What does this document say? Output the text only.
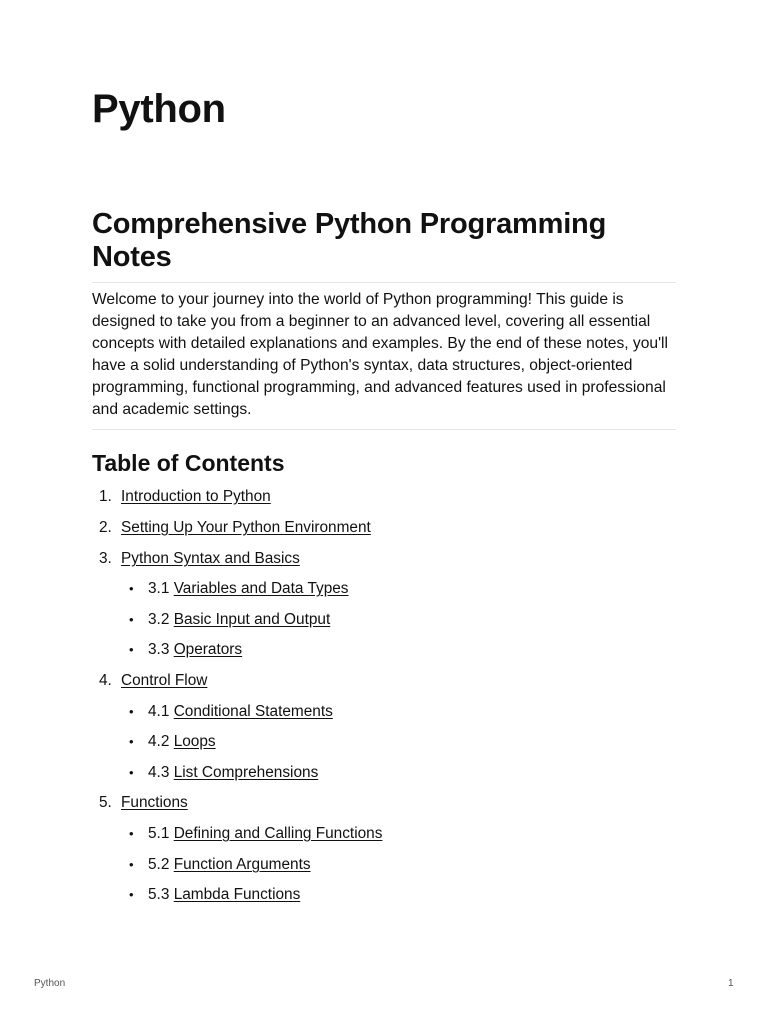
Python
Comprehensive Python Programming Notes

Welcome to your journey into the world of Python programming! This guide is designed to take you from a beginner to an advanced level, covering all essential concepts with detailed explanations and examples. By the end of these notes, you'll have a solid understanding of Python's syntax, data structures, object-oriented programming, functional programming, and advanced features used in professional and academic settings.

Table of Contents
1. Introduction to Python
2. Setting Up Your Python Environment
3. Python Syntax and Basics
• 3.1 Variables and Data Types
• 3.2 Basic Input and Output
• 3.3 Operators
4. Control Flow
• 4.1 Conditional Statements
• 4.2 Loops
• 4.3 List Comprehensions
5. Functions
• 5.1 Defining and Calling Functions
• 5.2 Function Arguments
• 5.3 Lambda Functions
Python	1
